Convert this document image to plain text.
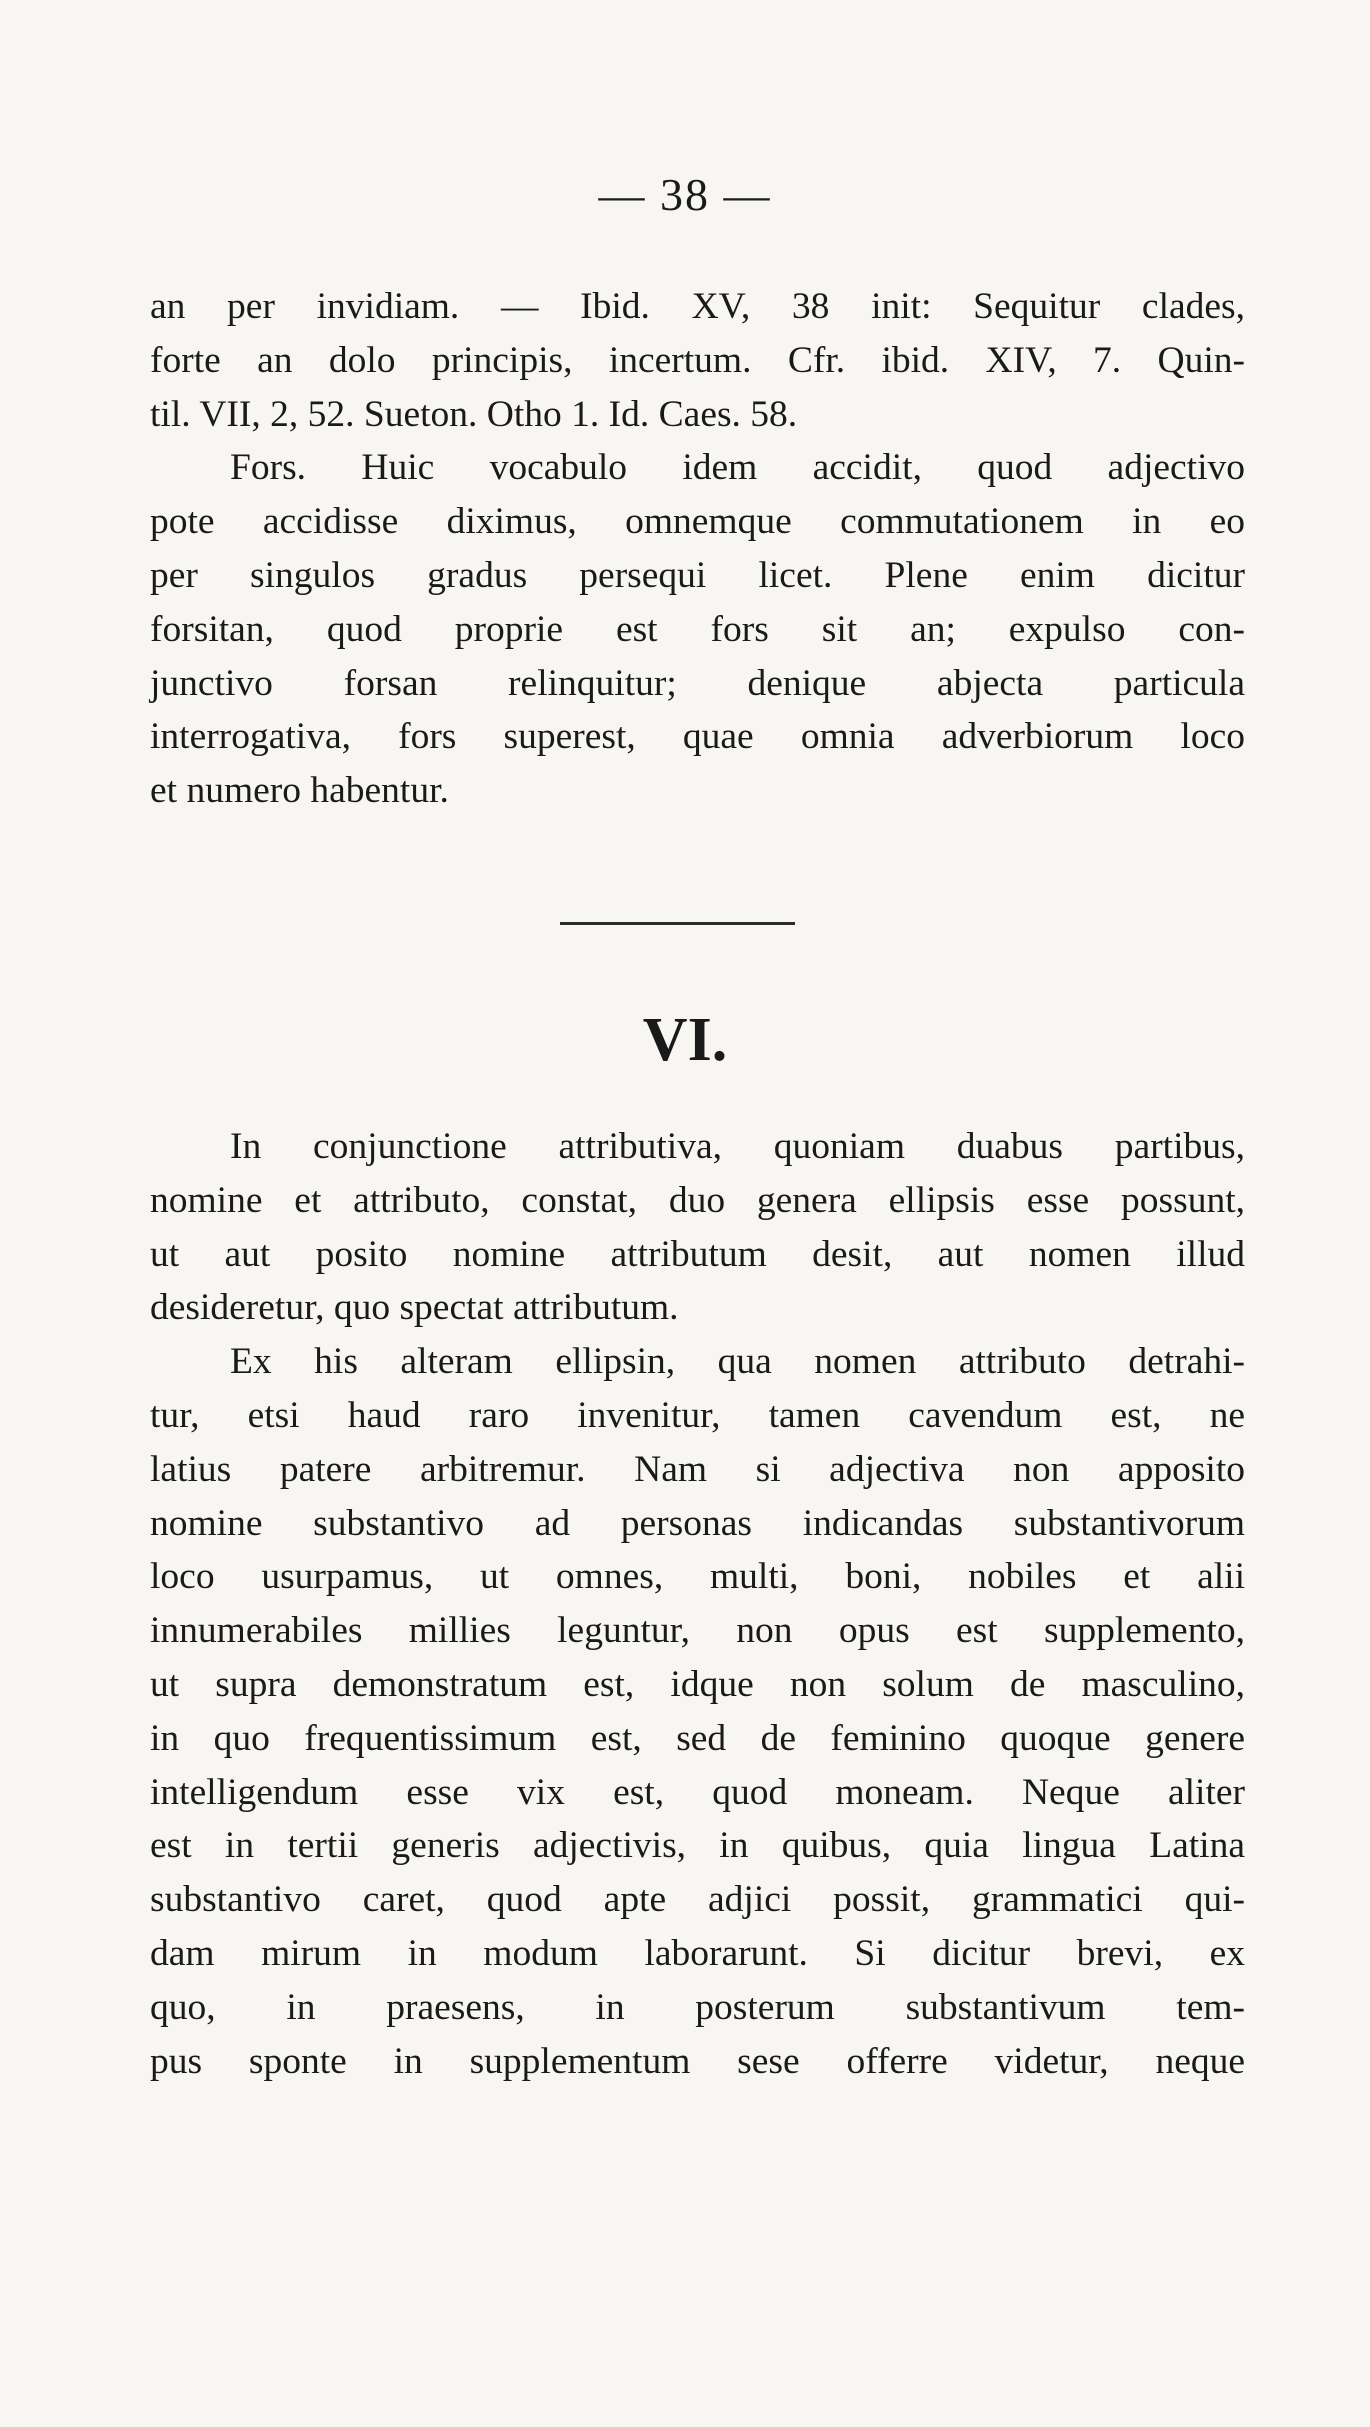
— 38 —
an per invidiam. — Ibid. XV, 38 init: Sequitur clades,
forte an dolo principis, incertum. Cfr. ibid. XIV, 7. Quin-
til. VII, 2, 52. Sueton. Otho 1. Id. Caes. 58.
Fors. Huic vocabulo idem accidit, quod adjectivo
pote accidisse diximus, omnemque commutationem in eo
per singulos gradus persequi licet. Plene enim dicitur
forsitan, quod proprie est fors sit an; expulso con-
junctivo forsan relinquitur; denique abjecta particula
interrogativa, fors superest, quae omnia adverbiorum loco
et numero habentur.
VI.
In conjunctione attributiva, quoniam duabus partibus,
nomine et attributo, constat, duo genera ellipsis esse possunt,
ut aut posito nomine attributum desit, aut nomen illud
desideretur, quo spectat attributum.
Ex his alteram ellipsin, qua nomen attributo detrahi-
tur, etsi haud raro invenitur, tamen cavendum est, ne
latius patere arbitremur. Nam si adjectiva non apposito
nomine substantivo ad personas indicandas substantivorum
loco usurpamus, ut omnes, multi, boni, nobiles et alii
innumerabiles millies leguntur, non opus est supplemento,
ut supra demonstratum est, idque non solum de masculino,
in quo frequentissimum est, sed de feminino quoque genere
intelligendum esse vix est, quod moneam. Neque aliter
est in tertii generis adjectivis, in quibus, quia lingua Latina
substantivo caret, quod apte adjici possit, grammatici qui-
dam mirum in modum laborarunt. Si dicitur brevi, ex
quo, in praesens, in posterum substantivum tem-
pus sponte in supplementum sese offerre videtur, neque
